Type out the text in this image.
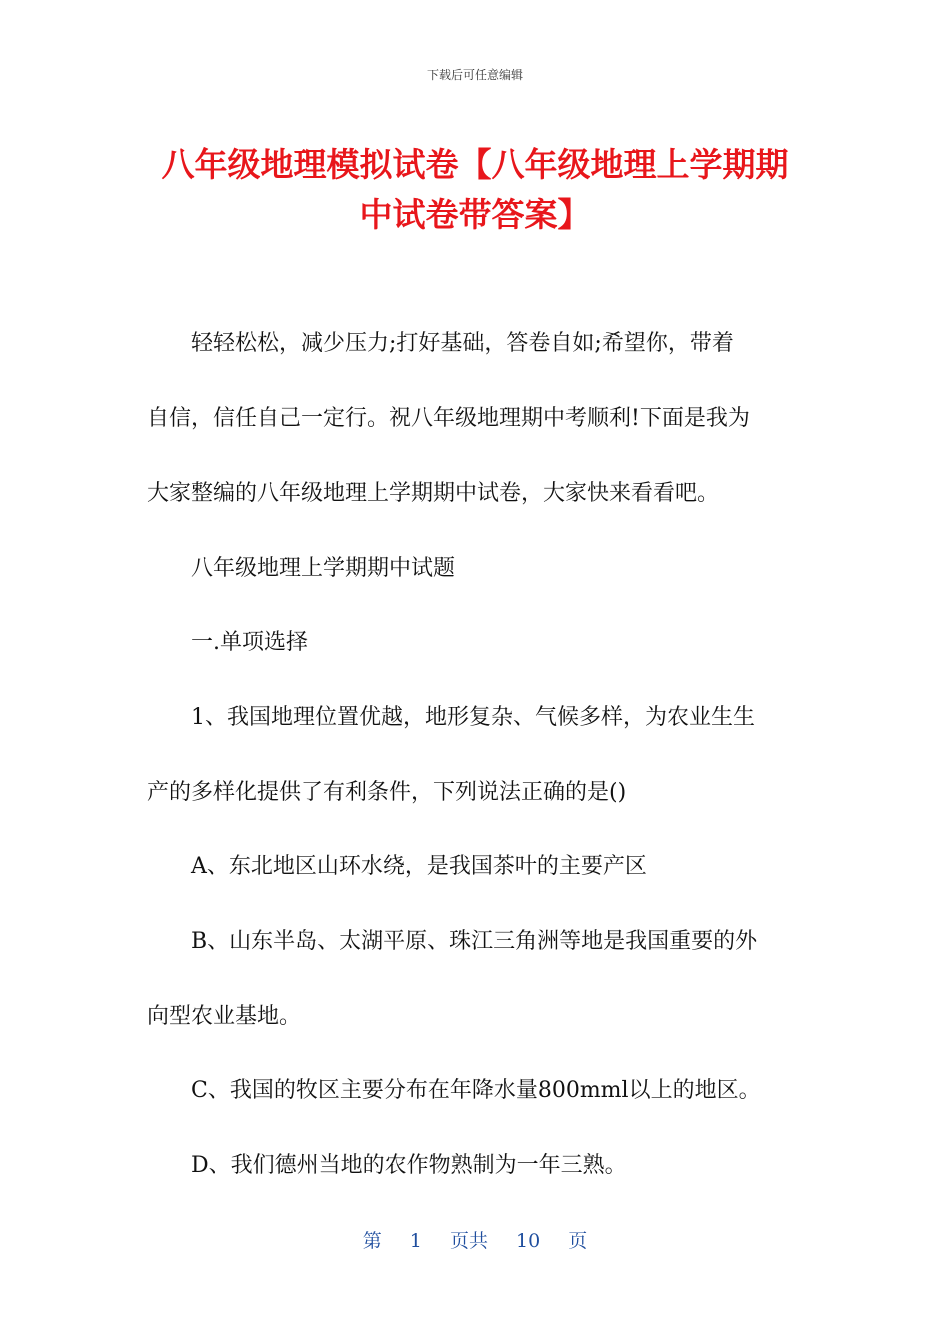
下载后可任意编辑
八年级地理模拟试卷【八年级地理上学期期
中试卷带答案】

轻轻松松，减少压力;打好基础，答卷自如;希望你，带着

自信，信任自己一定行。祝八年级地理期中考顺利!下面是我为

大家整编的八年级地理上学期期中试卷，大家快来看看吧。

八年级地理上学期期中试题

一.单项选择

1、我国地理位置优越，地形复杂、气候多样，为农业生生

产的多样化提供了有利条件，下列说法正确的是()

A、东北地区山环水绕，是我国茶叶的主要产区

B、山东半岛、太湖平原、珠江三角洲等地是我国重要的外

向型农业基地。

C、我国的牧区主要分布在年降水量800mml以上的地区。

D、我们德州当地的农作物熟制为一年三熟。

第 1 页共 10 页
